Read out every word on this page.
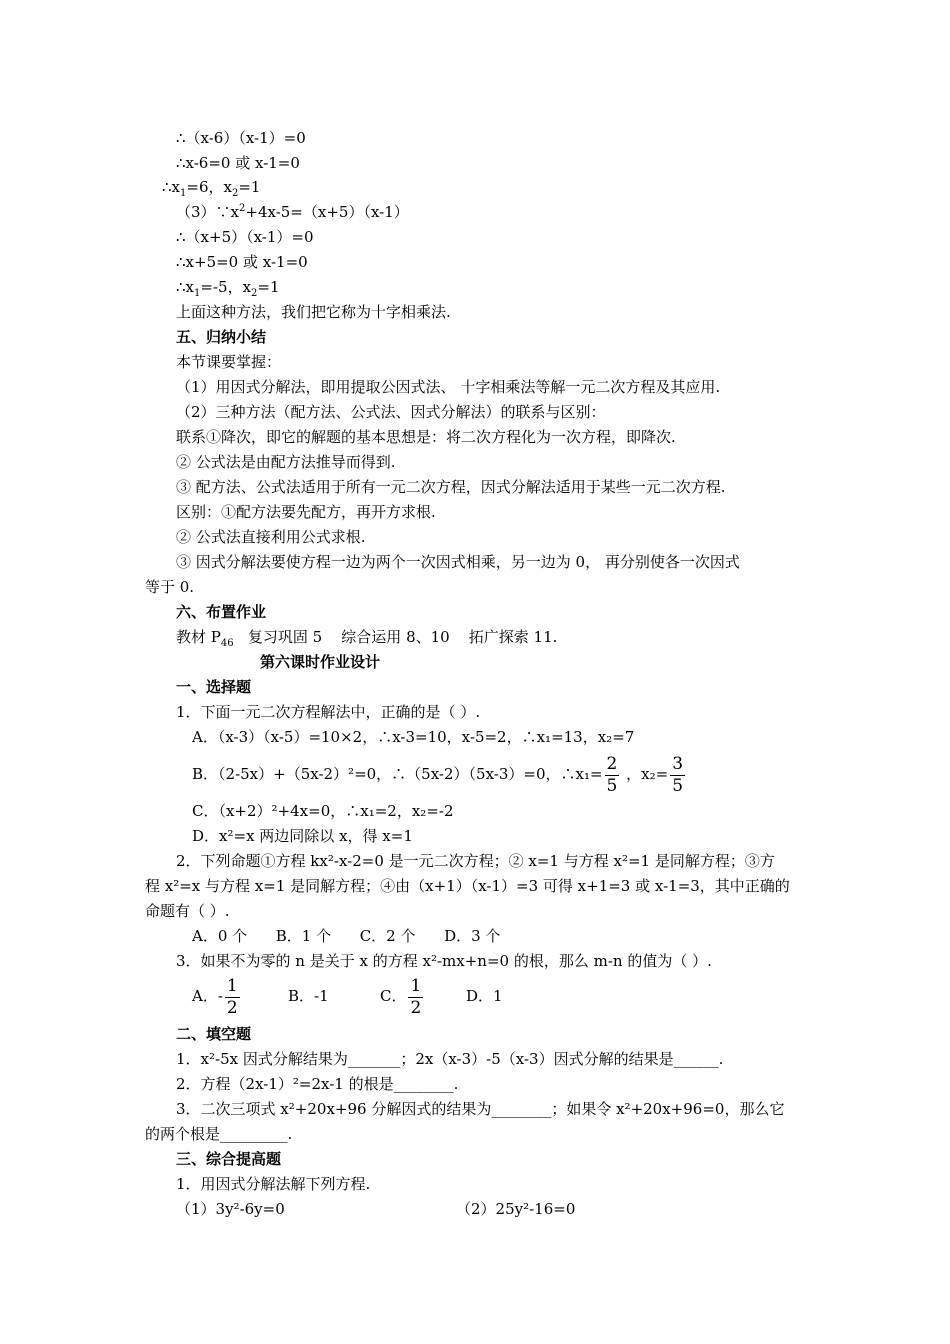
∴（x-6）（x-1）=0
∴x-6=0 或 x-1=0
$\therefore x_1=6$，$x_2=1$
$(3)\because x^2+4x-5=(x+5)(x-1)$
∴（x+5）（x-1）=0
∴x+5=0 或 x-1=0
$\therefore x_1=-5$，$x_2=1$
上面这种方法，我们把它称为十字相乘法.
五、归纳小结
本节课要掌握：
（1）用因式分解法，即用提取公因式法、 十字相乘法等解一元二次方程及其应用.
（2）三种方法（配方法、公式法、因式分解法）的联系与区别：
联系①降次，即它的解题的基本思想是：将二次方程化为一次方程，即降次.
② 公式法是由配方法推导而得到.
③ 配方法、公式法适用于所有一元二次方程，因式分解法适用于某些一元二次方程.
区别：①配方法要先配方，再开方求根.
② 公式法直接利用公式求根.
③ 因式分解法要使方程一边为两个一次因式相乘，另一边为 0， 再分别使各一次因式
等于 0.
六、布置作业
教材 $P_{46}$   复习巩固 5    综合运用 8、10    拓广探索 11.
第六课时作业设计
一、选择题
1．下面一元二次方程解法中，正确的是（ ）.
A．（x-3）（x-5）=10×2，∴x-3=10，x-5=2，∴x₁=13，x₂=7
B．（2-5x）+（5x-2）²=0，∴（5x-2）（5x-3）=0，∴x₁= $\frac{2}{5}$ ，$x_2= \frac{3}{5}$
C．（x+2）²+4x=0，∴x₁=2，x₂=-2
D．x²=x 两边同除以 x，得 x=1
2．下列命题①方程 kx²-x-2=0 是一元二次方程；② x=1 与方程 x²=1 是同解方程；③方
程 x²=x 与方程 x=1 是同解方程；④由（x+1）（x-1）=3 可得 x+1=3 或 x-1=3，其中正确的
命题有（ ）.
A．0 个      B．1 个      C．2 个      D．3 个
3．如果不为零的 n 是关于 x 的方程 x²-mx+n=0 的根，那么 m-n 的值为（ ）.
A．- $\frac{1}{2}$	B．-1	C． $\frac{1}{2}$	D．1
二、填空题
1．x²-5x 因式分解结果为_______；2x（x-3）-5（x-3）因式分解的结果是______.
2．方程（2x-1）²=2x-1 的根是________.
3．二次三项式 x²+20x+96 分解因式的结果为________；如果令 x²+20x+96=0，那么它
的两个根是_________.
三、综合提高题
1．用因式分解法解下列方程.
（1）3y²-6y=0	（2）25y²-16=0
